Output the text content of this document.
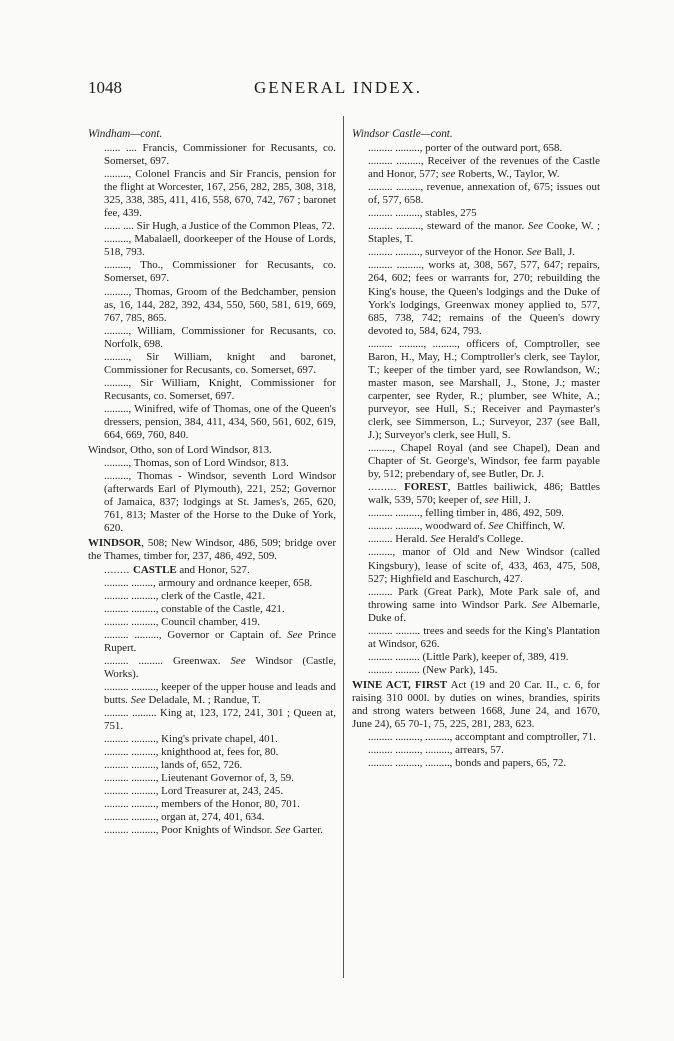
1048	GENERAL INDEX.
Windham—cont.
...... .... Francis, Commissioner for Recusants, co. Somerset, 697.
........., Colonel Francis and Sir Francis, pension for the flight at Worcester, 167, 256, 282, 285, 308, 318, 325, 338, 385, 411, 416, 558, 670, 742, 767 ; baronet fee, 439.
...... .... Sir Hugh, a Justice of the Common Pleas, 72.
........., Mabalaell, doorkeeper of the House of Lords, 518, 793.
........., Tho., Commissioner for Recusants, co. Somerset, 697.
........., Thomas, Groom of the Bedchamber, pension as, 16, 144, 282, 392, 434, 550, 560, 581, 619, 669, 767, 785, 865.
........., William, Commissioner for Recusants, co. Norfolk, 698.
........., Sir William, knight and baronet, Commissioner for Recusants, co. Somerset, 697.
........., Sir William, Knight, Commissioner for Recusants, co. Somerset, 697.
........., Winifred, wife of Thomas, one of the Queen's dressers, pension, 384, 411, 434, 560, 561, 602, 619, 664, 669, 760, 840.
Windsor, Otho, son of Lord Windsor, 813.
........., Thomas, son of Lord Windsor, 813.
........., Thomas - Windsor, seventh Lord Windsor (afterwards Earl of Plymouth), 221, 252; Governor of Jamaica, 837; lodgings at St. James's, 265, 620, 761, 813; Master of the Horse to the Duke of York, 620.
WINDSOR, 508; New Windsor, 486, 509; bridge over the Thames, timber for, 237, 486, 492, 509.
........ CASTLE and Honor, 527.
......... ........, armoury and ordnance keeper, 658.
......... ........., clerk of the Castle, 421.
......... ........., constable of the Castle, 421.
......... ........., Council chamber, 419.
......... ........., Governor or Captain of. See Prince Rupert.
......... ......... Greenwax. See Windsor (Castle, Works).
......... ........., keeper of the upper house and leads and butts. See Deladale, M. ; Randue, T.
......... ......... King at, 123, 172, 241, 301 ; Queen at, 751.
......... ........., King's private chapel, 401.
......... ........., knighthood at, fees for, 80.
......... ........., lands of, 652, 726.
......... ........., Lieutenant Governor of, 3, 59.
......... ........., Lord Treasurer at, 243, 245.
......... ........., members of the Honor, 80, 701.
......... ........., organ at, 274, 401, 634.
......... ........., Poor Knights of Windsor. See Garter.
Windsor Castle—cont.
......... ........., porter of the outward port, 658.
......... ........., Receiver of the revenues of the Castle and Honor, 577; see Roberts, W., Taylor, W.
......... ........., revenue, annexation of, 675; issues out of, 577, 658.
......... ........., stables, 275
......... ........., steward of the manor. See Cooke, W. ; Staples, T.
......... ........., surveyor of the Honor. See Ball, J.
......... ........., works at, 308, 567, 577, 647; repairs, 264, 602; fees or warrants for, 270; rebuilding the King's house, the Queen's lodgings and the Duke of York's lodgings, Greenwax money applied to, 577, 685, 738, 742; remains of the Queen's dowry devoted to, 584, 624, 793.
......... ........., ........., officers of, Comptroller, see Baron, H., May, H.; Comptroller's clerk, see Taylor, T.; keeper of the timber yard, see Rowlandson, W.; master mason, see Marshall, J., Stone, J.; master carpenter, see Ryder, R.; plumber, see White, A.; purveyor, see Hull, S.; Receiver and Paymaster's clerk, see Simmerson, L.; Surveyor, 237 (see Ball, J.); Surveyor's clerk, see Hull, S.
........., Chapel Royal (and see Chapel), Dean and Chapter of St. George's, Windsor, fee farm payable by, 512; prebendary of, see Butler, Dr. J.
......... FOREST, Battles bailiwick, 486; Battles walk, 539, 570; keeper of, see Hill, J.
......... ........., felling timber in, 486, 492, 509.
......... ........., woodward of. See Chiffinch, W.
......... Herald. See Herald's College.
........., manor of Old and New Windsor (called Kingsbury), lease of scite of, 433, 463, 475, 508, 527; Highfield and Easchurch, 427.
......... Park (Great Park), Mote Park sale of, and throwing same into Windsor Park. See Albemarle, Duke of.
......... ......... trees and seeds for the King's Plantation at Windsor, 626.
......... ......... (Little Park), keeper of, 389, 419.
......... ......... (New Park), 145.
WINE ACT, FIRST Act (19 and 20 Car. II., c. 6, for raising 310 000l. by duties on wines, brandies, spirits and strong waters between 1668, June 24, and 1670, June 24), 65 70-1, 75, 225, 281, 283, 623.
......... ........., ........., accomptant and comptroller, 71.
......... ........., ........., arrears, 57.
......... ........., ........., bonds and papers, 65, 72.
